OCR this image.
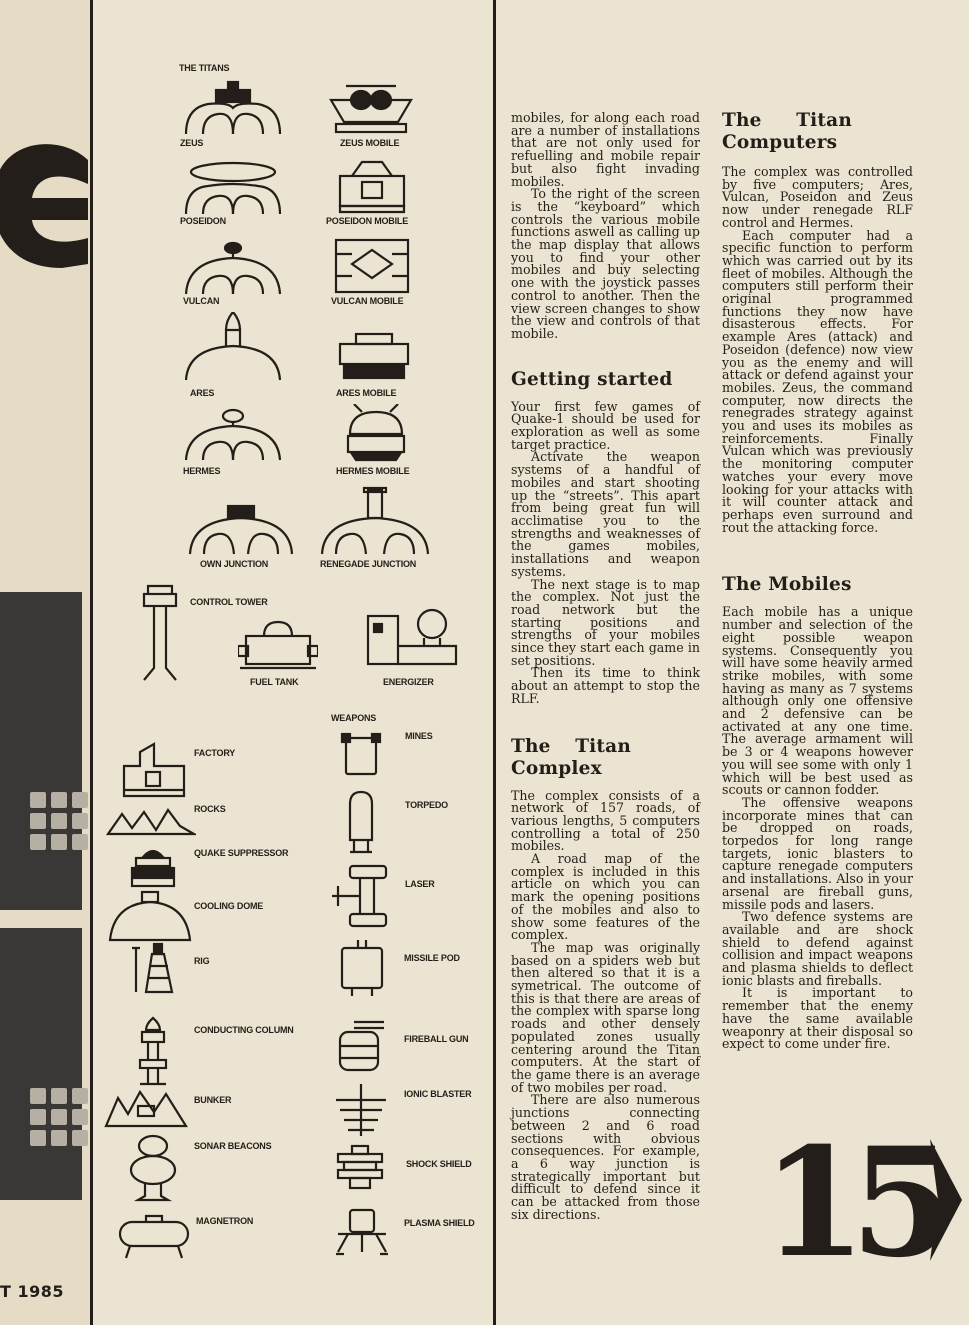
T 1985
THE TITANS
ZEUS	ZEUS MOBILE
POSEIDON	POSEIDON MOBILE
VULCAN	VULCAN MOBILE
ARES	ARES MOBILE
HERMES	HERMES MOBILE
OWN JUNCTION	RENEGADE JUNCTION
CONTROL TOWER
FUEL TANK	ENERGIZER
WEAPONS
FACTORY
ROCKS
QUAKE SUPPRESSOR
COOLING DOME
RIG
CONDUCTING COLUMN
BUNKER
SONAR BEACONS
MAGNETRON
MINES
TORPEDO
LASER
MISSILE POD
FIREBALL GUN
IONIC BLASTER
SHOCK SHIELD
PLASMA SHIELD

mobiles, for along each road are a number of installations that are not only used for refuelling and mobile repair but also fight invading mobiles.

To the right of the screen is the “keyboard” which controls the various mobile functions aswell as calling up the map display that allows you to find your other mobiles and buy selecting one with the joystick passes control to another. Then the view screen changes to show the view and controls of that mobile.

Getting started

Your first few games of Quake-1 should be used for exploration as well as some target practice.

Activate the weapon systems of a handful of mobiles and start shooting up the “streets”. This apart from being great fun will acclimatise you to the strengths and weaknesses of the games mobiles, installations and weapon systems.

The next stage is to map the complex. Not just the road network but the starting positions and strengths of your mobiles since they start each game in set positions.

Then its time to think about an attempt to stop the RLF.

The Titan Complex

The complex consists of a network of 157 roads, of various lengths, 5 computers controlling a total of 250 mobiles.

A road map of the complex is included in this article on which you can mark the opening positions of the mobiles and also to show some features of the complex.

The map was originally based on a spiders web but then altered so that it is a symetrical. The outcome of this is that there are areas of the complex with sparse long roads and other densely populated zones usually centering around the Titan computers. At the start of the game there is an average of two mobiles per road.

There are also numerous junctions connecting between 2 and 6 road sections with obvious consequences. For example, a 6 way junction is strategically important but difficult to defend since it can be attacked from those six directions.

The Titan Computers

The complex was controlled by five computers; Ares, Vulcan, Poseidon and Zeus now under renegade RLF control and Hermes.

Each computer had a specific function to perform which was carried out by its fleet of mobiles. Although the computers still perform their original programmed functions they now have disasterous effects. For example Ares (attack) and Poseidon (defence) now view you as the enemy and will attack or defend against your mobiles. Zeus, the command computer, now directs the renegrades strategy against you and uses its mobiles as reinforcements. Finally Vulcan which was previously the monitoring computer watches your every move looking for your attacks with it will counter attack and perhaps even surround and rout the attacking force.

The Mobiles

Each mobile has a unique number and selection of the eight possible weapon systems. Consequently you will have some heavily armed strike mobiles, with some having as many as 7 systems although only one offensive and 2 defensive can be activated at any one time. The average armament will be 3 or 4 weapons however you will see some with only 1 which will be best used as scouts or cannon fodder.

The offensive weapons incorporate mines that can be dropped on roads, torpedos for long range targets, ionic blasters to capture renegade computers and installations. Also in your arsenal are fireball guns, missile pods and lasers.

Two defence systems are available and are shock shield to defend against collision and impact weapons and plasma shields to deflect ionic blasts and fireballs.

It is important to remember that the enemy have the same available weaponry at their disposal so expect to come under fire.

15
